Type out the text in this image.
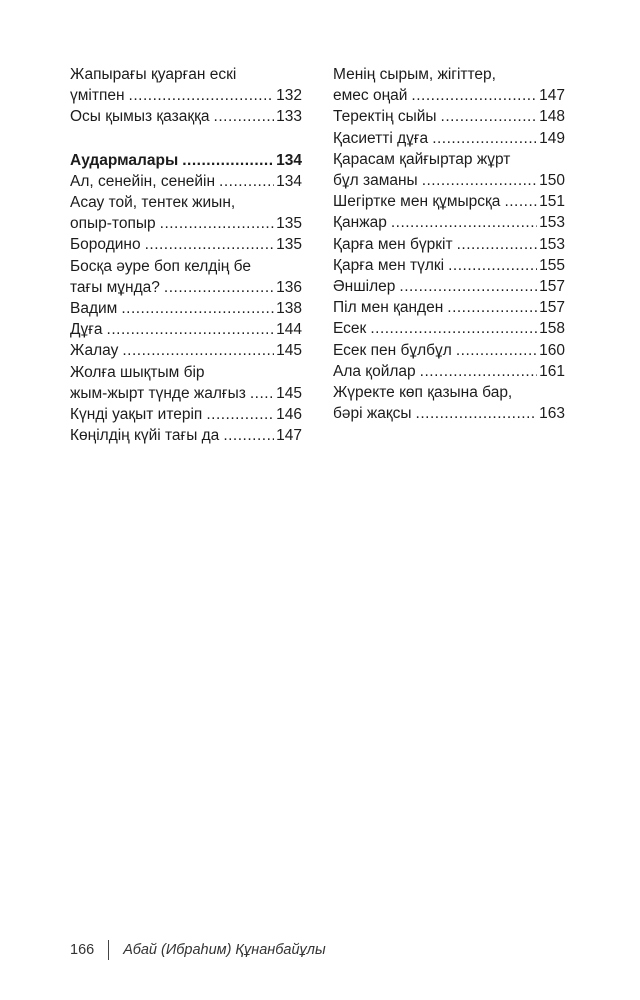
Жапырағы қуарған ескі
үмітпен .....	132
Осы қымыз қазаққа .....	133
Аудармалары .....	134
Ал, сенейін, сенейін .....	134
Асау той, тентек жиын,
опыр-топыр .....	135
Бородино .....	135
Босқа әуре боп келдің бе
тағы мұнда? .....	136
Вадим .....	138
Дұға .....	144
Жалау .....	145
Жолға шықтым бір
жым-жырт түнде жалғыз ..... 145
Күнді уақыт итеріп .....	146
Көңілдің күйі тағы да .....	147
Менің сырым, жігіттер,
емес оңай .....	147
Теректің сыйы .....	148
Қасиетті дұға .....	149
Қарасам қайғыртар жұрт
бұл заманы .....	150
Шегіртке мен құмырсқа ..... 151
Қанжар .....	153
Қарға мен бүркіт .....	153
Қарға мен түлкі .....	155
Әншілер .....	157
Піл мен қанден .....	157
Есек .....	158
Есек пен бұлбұл .....	160
Ала қойлар .....	161
Жүректе көп қазына бар,
бәрі жақсы .....	163
166 Абай (Ибраһим) Құнанбайұлы
